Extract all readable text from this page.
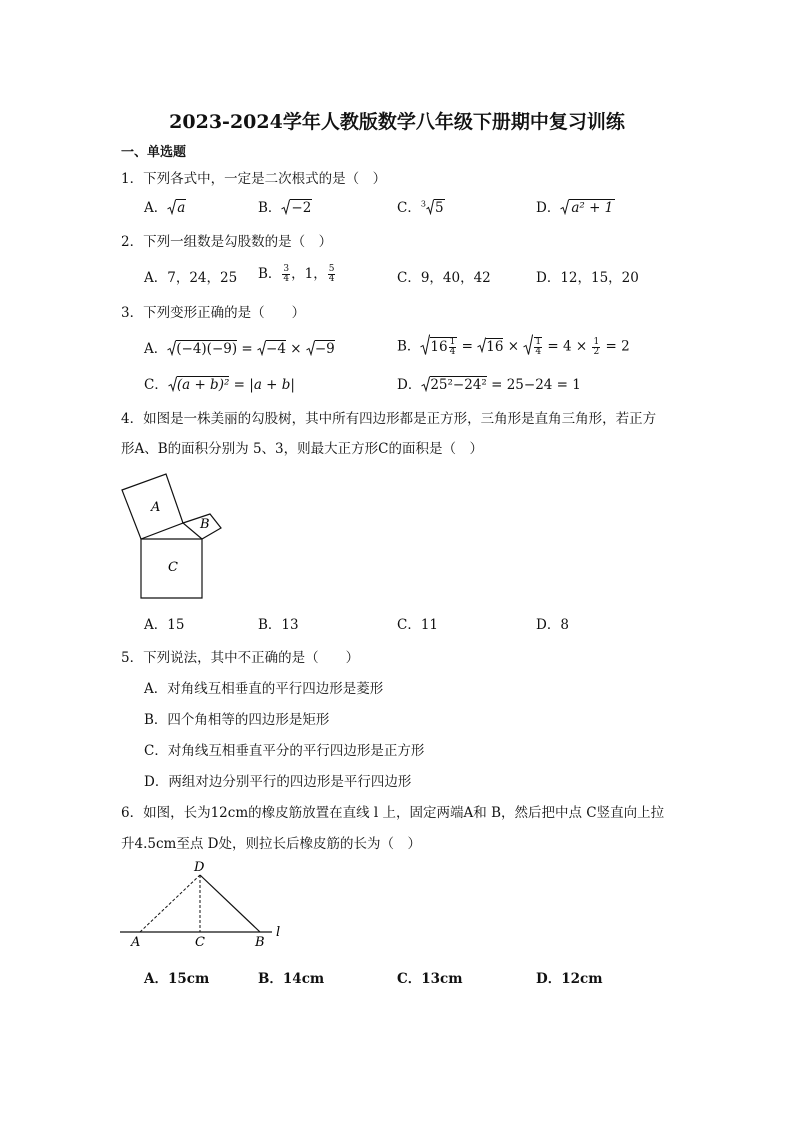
2023-2024学年人教版数学八年级下册期中复习训练
一、单选题
1．下列各式中，一定是二次根式的是（　）
A． a	B． −2	C．$^3$ 5	D． a² + 1
2．下列一组数是勾股数的是（　）
A．7，24，25 B． $\frac{3}{4}$ ，1， $\frac{5}{4}$	C．9，40，42	D．12，15，20
3．下列变形正确的是（　　）
A． (−4)(−9) = −4 × −9	B． $16 \frac{1}{4} = 16 \times \frac{1}{4} = 4 \times \frac{1}{2} = 2$
C． (a + b)² = |a + b|	D． 25²−24² = 25−24 = 1
4．如图是一株美丽的勾股树，其中所有四边形都是正方形，三角形是直角三角形，若正方
形A、B的面积分别为 5、3，则最大正方形C的面积是（　）
A
B
C
A．15	B．13	C．11	D．8
5．下列说法，其中不正确的是（　　）
A．对角线互相垂直的平行四边形是菱形
B．四个角相等的四边形是矩形
C．对角线互相垂直平分的平行四边形是正方形
D．两组对边分别平行的四边形是平行四边形
6．如图，长为12cm的橡皮筋放置在直线 l 上，固定两端A和 B，然后把中点 C竖直向上拉
升4.5cm至点 D处，则拉长后橡皮筋的长为（　）
D
A	C	B
l
A．15cm	B．14cm	C．13cm	D．12cm
